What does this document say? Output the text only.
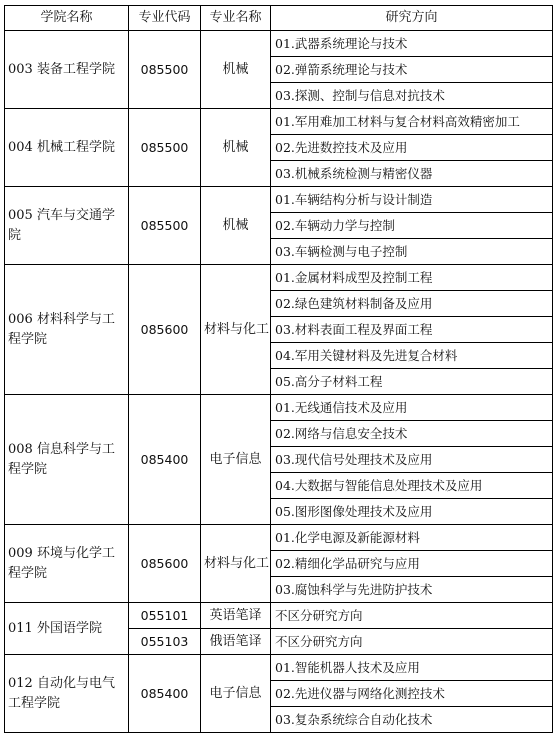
学院名称	专业代码	专业名称	研究方向
003 装备工程学院	085500	机械	01.武器系统理论与技术
			02.弹箭系统理论与技术
			03.探测、控制与信息对抗技术
004 机械工程学院	085500	机械	01.军用难加工材料与复合材料高效精密加工
			02.先进数控技术及应用
			03.机械系统检测与精密仪器
005 汽车与交通学院	085500	机械	01.车辆结构分析与设计制造
			02.车辆动力学与控制
			03.车辆检测与电子控制
006 材料科学与工程学院	085600	材料与化工	01.金属材料成型及控制工程
			02.绿色建筑材料制备及应用
			03.材料表面工程及界面工程
			04.军用关键材料及先进复合材料
			05.高分子材料工程
008 信息科学与工程学院	085400	电子信息	01.无线通信技术及应用
			02.网络与信息安全技术
			03.现代信号处理技术及应用
			04.大数据与智能信息处理技术及应用
			05.图形图像处理技术及应用
009 环境与化学工程学院	085600	材料与化工	01.化学电源及新能源材料
			02.精细化学品研究与应用
			03.腐蚀科学与先进防护技术
011 外国语学院	055101	英语笔译	不区分研究方向
	055103	俄语笔译	不区分研究方向
012 自动化与电气工程学院	085400	电子信息	01.智能机器人技术及应用
			02.先进仪器与网络化测控技术
			03.复杂系统综合自动化技术
